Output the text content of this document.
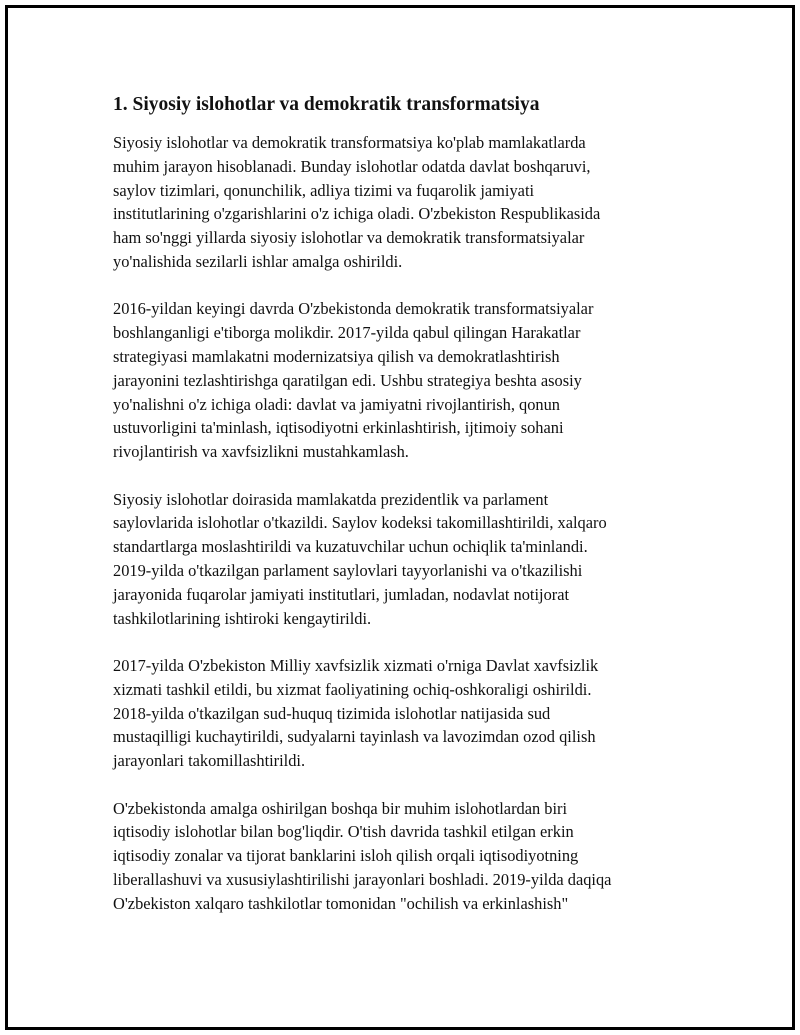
1. Siyosiy islohotlar va demokratik transformatsiya
Siyosiy islohotlar va demokratik transformatsiya ko'plab mamlakatlarda
muhim jarayon hisoblanadi. Bunday islohotlar odatda davlat boshqaruvi,
saylov tizimlari, qonunchilik, adliya tizimi va fuqarolik jamiyati
institutlarining o'zgarishlarini o'z ichiga oladi. O'zbekiston Respublikasida
ham so'nggi yillarda siyosiy islohotlar va demokratik transformatsiyalar
yo'nalishida sezilarli ishlar amalga oshirildi.
2016-yildan keyingi davrda O'zbekistonda demokratik transformatsiyalar
boshlanganligi e'tiborga molikdir. 2017-yilda qabul qilingan Harakatlar
strategiyasi mamlakatni modernizatsiya qilish va demokratlashtirish
jarayonini tezlashtirishga qaratilgan edi. Ushbu strategiya beshta asosiy
yo'nalishni o'z ichiga oladi: davlat va jamiyatni rivojlantirish, qonun
ustuvorligini ta'minlash, iqtisodiyotni erkinlashtirish, ijtimoiy sohani
rivojlantirish va xavfsizlikni mustahkamlash.
Siyosiy islohotlar doirasida mamlakatda prezidentlik va parlament
saylovlarida islohotlar o'tkazildi. Saylov kodeksi takomillashtirildi, xalqaro
standartlarga moslashtirildi va kuzatuvchilar uchun ochiqlik ta'minlandi.
2019-yilda o'tkazilgan parlament saylovlari tayyorlanishi va o'tkazilishi
jarayonida fuqarolar jamiyati institutlari, jumladan, nodavlat notijorat
tashkilotlarining ishtiroki kengaytirildi.
2017-yilda O'zbekiston Milliy xavfsizlik xizmati o'rniga Davlat xavfsizlik
xizmati tashkil etildi, bu xizmat faoliyatining ochiq-oshkoraligi oshirildi.
2018-yilda o'tkazilgan sud-huquq tizimida islohotlar natijasida sud
mustaqilligi kuchaytirildi, sudyalarni tayinlash va lavozimdan ozod qilish
jarayonlari takomillashtirildi.
O'zbekistonda amalga oshirilgan boshqa bir muhim islohotlardan biri
iqtisodiy islohotlar bilan bog'liqdir. O'tish davrida tashkil etilgan erkin
iqtisodiy zonalar va tijorat banklarini isloh qilish orqali iqtisodiyotning
liberallashuvi va xususiylashtirilishi jarayonlari boshladi. 2019-yilda daqiqa
O'zbekiston xalqaro tashkilotlar tomonidan "ochilish va erkinlashish"
